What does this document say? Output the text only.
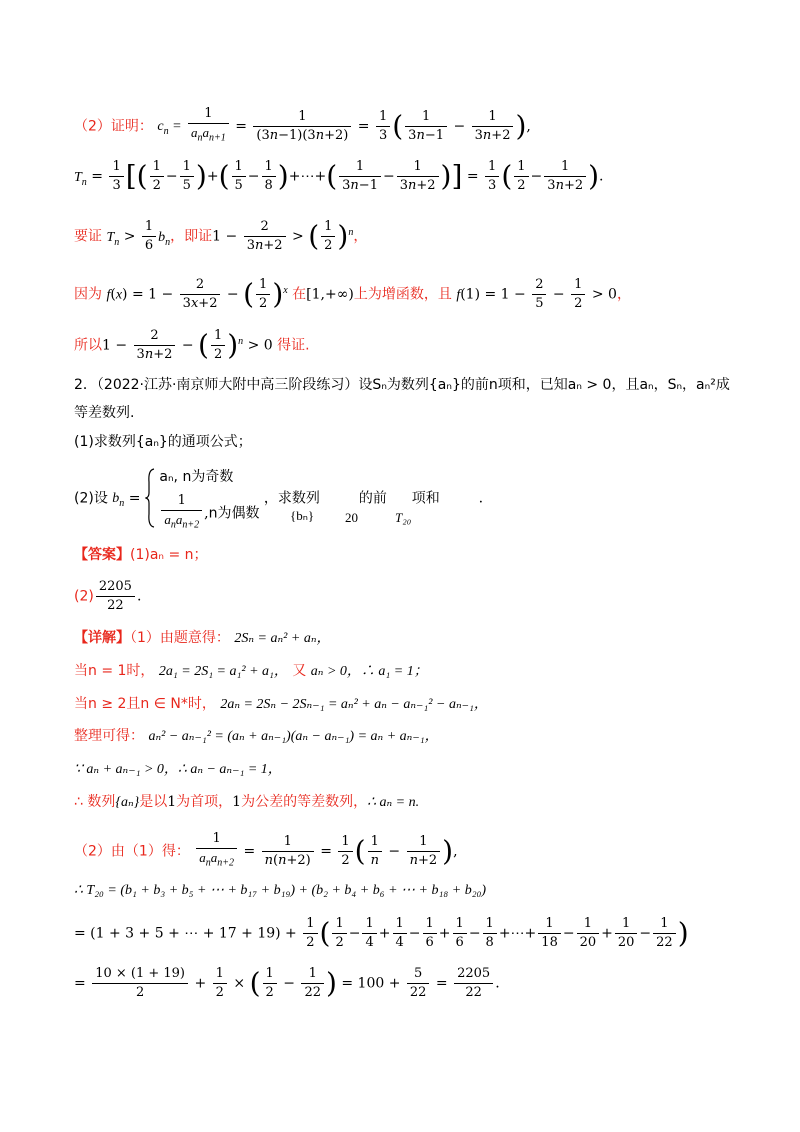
（2）证明： $c_n$ =
1
$a_na_{n+1}$
= $\frac{1}{(3n-1)(3n+2)} = \frac{1}{3}$ ( $\frac{1}{3n-1} - \frac{1}{3n+2}$ ),
$T_n = \frac{1}{3}$ [( $\frac{1}{2} - \frac{1}{5}$ )+( $\frac{1}{5} - \frac{1}{8}$ )+⋯+( $\frac{1}{3n-1} - \frac{1}{3n+2}$ )] = $\frac{1}{3}$ ( $\frac{1}{2} - \frac{1}{3n+2}$ ).
要证 $T_n > \frac{1}{6} b_n$，即证$1 - \frac{2}{3n+2}$ > ( $\frac{1}{2} )^n$，
因为 $f(x) = 1 - \frac{2}{3x+2}$ − ( $\frac{1}{2} )^x$ 在[1,+∞)上为增函数，且 $f(1) = 1 - \frac{2}{5} - \frac{1}{2} > 0$，
所以$1 - \frac{2}{3n+2}$ − ( $\frac{1}{2} )^n > 0$ 得证.
2．（2022·江苏·南京师大附中高三阶段练习）设Sₙ为数列{aₙ}的前n项和，已知aₙ > 0，且aₙ，Sₙ，aₙ²成
等差数列.
(1)求数列{aₙ}的通项公式；
(2)设 $b_n$ =
aₙ, n为奇数
1
$a_na_{n+2}$
,n为偶数
，求数列	的前 项和	.
{bₙ} 20	T₂₀
【答案】(1)aₙ = n；
$(2) \frac{2205}{22}$ .
【详解】（1）由题意得： 2Sₙ = aₙ² + aₙ，
当n = 1时， 2a₁ = 2S₁ = a₁² + a₁， 又 aₙ > 0，∴ a₁ = 1；
当n ≥ 2且n ∈ N*时， 2aₙ = 2Sₙ − 2Sₙ₋₁ = aₙ² + aₙ − aₙ₋₁² − aₙ₋₁，
整理可得： aₙ² − aₙ₋₁² = (aₙ + aₙ₋₁)(aₙ − aₙ₋₁) = aₙ + aₙ₋₁，
∵ aₙ + aₙ₋₁ > 0，∴ aₙ − aₙ₋₁ = 1，
∴ 数列{aₙ}是以1为首项，1为公差的等差数列，∴ aₙ = n.
（2）由（1）得：
1
$a_na_{n+2}$
= $\frac{1}{n(n+2)} = \frac{1}{2}$ ( $\frac{1}{n} - \frac{1}{n+2}$ ),
∴ T₂₀ = (b₁ + b₃ + b₅ + ⋯ + b₁₇ + b₁₉) + (b₂ + b₄ + b₆ + ⋯ + b₁₈ + b₂₀)
= (1 + 3 + 5 + ⋯ + $17 + 19) + \frac{1}{2}$ ( $\frac{1}{2} - \frac{1}{4} + \frac{1}{4} - \frac{1}{6} + \frac{1}{6} - \frac{1}{8}$ +⋯+ $\frac{1}{18} - \frac{1}{20} + \frac{1}{20} - \frac{1}{22}$ )
= $\frac{10 \times (1 + 19)}{2} + \frac{1}{2}$ × ( $\frac{1}{2} - \frac{1}{22}$ ) = $100 + \frac{5}{22} = \frac{2205}{22}$ .
